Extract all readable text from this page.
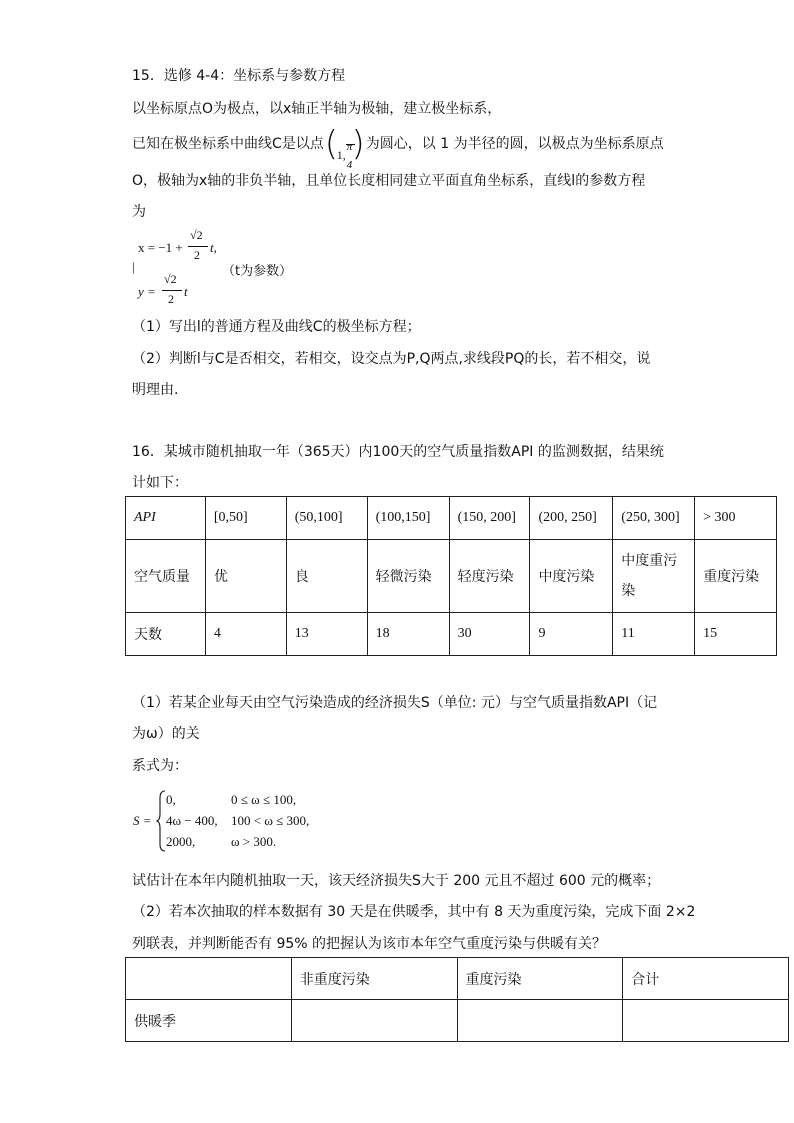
15．选修 4-4：坐标系与参数方程
以坐标原点O为极点，以x轴正半轴为极轴，建立极坐标系，
已知在极坐标系中曲线C是以点 (
1,
π
4
) 为圆心，以 1 为半径的圆，以极点为坐标系原点
O，极轴为x轴的非负半轴，且单位长度相同建立平面直角坐标系，直线l的参数方程
为
x = −1 +
√2
2 t,
|	（t为参数）
y =
√2
2 t
（1）写出l的普通方程及曲线C的极坐标方程；
（2）判断l与C是否相交，若相交，设交点为P,Q两点,求线段PQ的长，若不相交，说
明理由.
16．某城市随机抽取一年（365天）内100天的空气质量指数API 的监测数据，结果统
计如下：
API	[0,50]	(50,100]	(100,150]	(150, 200]	(200, 250]	(250, 300]	> 300
空气质量	优	良	轻微污染	轻度污染	中度污染	中度重污染	重度污染
天数	4	13	18	30	9	11	15
（1）若某企业每天由空气污染造成的经济损失S（单位: 元）与空气质量指数API（记
为ω）的关
系式为：
S =
0,	0 ≤ ω ≤ 100,
4ω − 400, 100 < ω ≤ 300,
2000,	ω > 300.
试估计在本年内随机抽取一天，该天经济损失S大于 200 元且不超过 600 元的概率；
（2）若本次抽取的样本数据有 30 天是在供暖季，其中有 8 天为重度污染，完成下面 2×2
列联表，并判断能否有 95% 的把握认为该市本年空气重度污染与供暖有关？
	非重度污染	重度污染	合计
供暖季			
